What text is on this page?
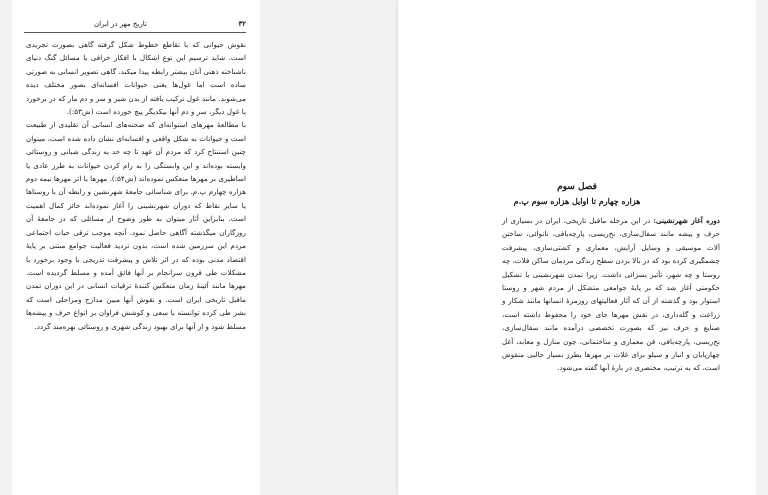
۳۲
تاریخ مهر در ایران

نقوش حیوانی که با تقاطع خطوط شکل گرفته گاهی بصورت تجریدی است. شاید ترسیم این نوع اشکال با افکار خرافی یا مسائل گنگ دنیای ناشناخته ذهنی آنان بیشتر رابطه پیدا میکند. گاهی تصویر انسانی به صورتی ساده است اما غول‌ها یعنی حیوانات افسانه‌ای بصور مختلف دیده می‌شوند. مانند غول ترکیب یافته از بدن شیر و سر و دم مار که در برخورد با غول دیگر، سر و دم آنها بیکدیگر پیچ خورده است (ش۵۳:).

با مطالعهٔ مهرهای استوانه‌ای که صحنه‌های انسانی آن تقلیدی از طبیعت است و حیوانات به شکل واقعی و افسانه‌ای نشان داده شده است، میتوان چنین استنتاج کرد که مردم آن عهد تا چه حد به زندگی شبانی و روستائی وابسته بوده‌اند و این وابستگی را به رام کردن حیوانات به طرز عادی یا اساطیری بر مهرها منعکس نموده‌اند (ش۵۴:). مهرها یا اثر مهرها نیمه دوم هزاره چهارم پ.م. برای شناسائی جامعهٔ شهرنشین و رابطه آن با روستاها یا سایر نقاط که دوران شهرنشینی را آغاز نموده‌اند حائز کمال اهمیت است. بنابراین آثار میتوان به طور وضوح از مسائلی که در جامعهٔ آن روزگاران میگذشته آگاهی حاصل نمود. آنچه موجب ترقی حیات اجتماعی مردم این سرزمین شده است، بدون تردید فعالیت جوامع مبتنی بر پایهٔ اقتصاد مدنی بوده که در اثر تلاش و پیشرفت تدریجی با وجود برخورد با مشکلات طی قرون سرانجام بر آنها فائق آمده و مسلط گردیده است. مهرها مانند آئینهٔ زمان منعکس کنندهٔ ترقیات انسانی در این دوران تمدن ماقبل تاریخی ایران است. و نقوش آنها مبین مدارج ومراحلی است که بشر طی کرده توانسته با سعی و کوشش فراوان بر انواع حرف و پیشه‌ها مسلط شود و از آنها برای بهبود زندگی شهری و روستائی بهره‌مند گردد.

فصل سوم
هزاره چهارم تا اوایل هزاره سوم پ.م

دوره آغاز شهرنشینی: در این مرحله ماقبل تاریخی، ایران در بسیاری از حرف و پیشه مانند سفال‌سازی، نخ‌ریسی، پارچه‌بافی، نانوائی، ساختن آلات موسیقی و وسایل آرایش، معماری و کشتی‌سازی، پیشرفت چشمگیری کرده بود که در بالا بردن سطح زندگی مردمان ساکن فلات، چه روستا و چه شهر، تأثیر بسزائی داشت. زیرا تمدن شهرنشینی با تشکیل حکومتی آغاز شد که بر پایهٔ جوامعی متشکل از مردم شهر و روستا استوار بود و گذشته از آن که آثار فعالیتهای روزمرهٔ انسانها مانند شکار و زراعت و گله‌داری، در نقش مهرها جای خود را محفوظ داشته است، صنایع و حرف نیز که بصورت تخصصی درآمده مانند سفال‌سازی، نخ‌ریسی، پارچه‌بافی، فن معماری و ساختمانی، چون منازل و معابد، آغل چهارپایان و انبار و سیلو برای غلات بر مهرها بطرز بسیار جالبی منقوش است، که به ترتیب، مختصری در بارهٔ آنها گفته می‌شود.
